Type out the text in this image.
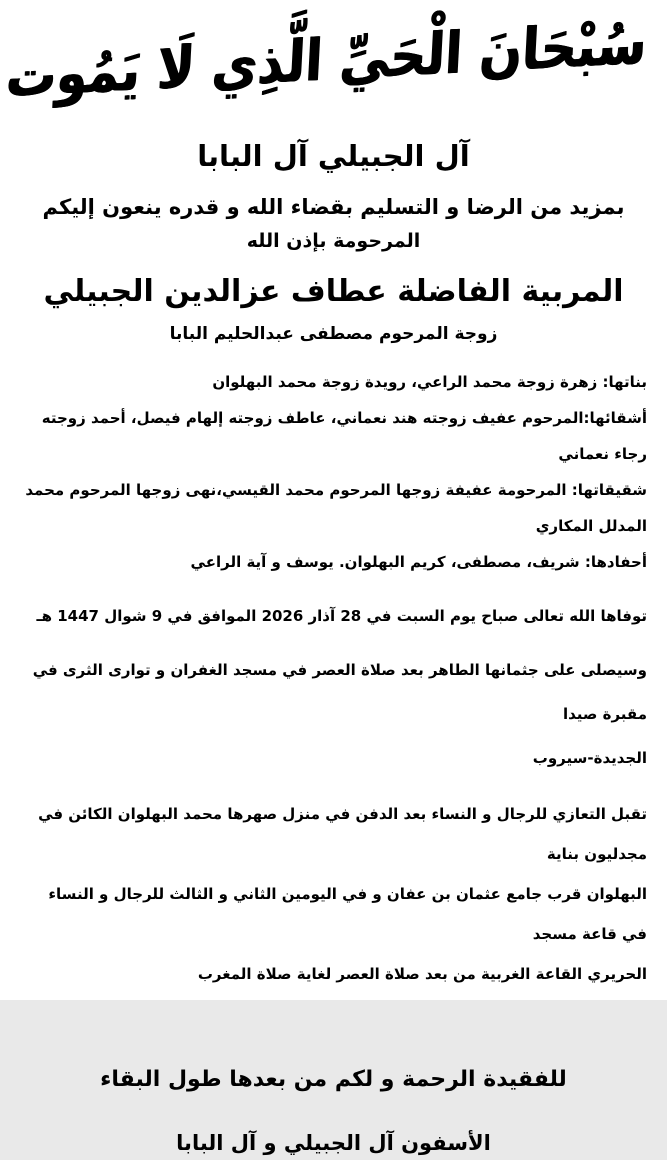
سُبْحَانَ الْحَيِّ الَّذِي لَا يَمُوت
آل الجبيلي آل البابا
بمزيد من الرضا و التسليم بقضاء الله و قدره ينعون إليكم
المرحومة بإذن الله
المربية الفاضلة عطاف عزالدين الجبيلي
زوجة المرحوم مصطفى عبدالحليم البابا
بناتها: زهرة زوجة محمد الراعي، رويدة زوجة محمد البهلوان
أشقائها:المرحوم عفيف زوجته هند نعماني، عاطف زوجته إلهام فيصل، أحمد زوجته رجاء نعماني
شقيقاتها: المرحومة عفيفة زوجها المرحوم محمد القيسي،نهى زوجها المرحوم محمد المدلل المكاري
أحفادها: شريف، مصطفى، كريم البهلوان. يوسف و آية الراعي
توفاها الله تعالى صباح يوم السبت في 28 آذار 2026 الموافق في 9 شوال 1447 هـ
وسيصلى على جثمانها الطاهر بعد صلاة العصر في مسجد الغفران و توارى الثرى في مقبرة صيدا
الجديدة-سيروب
تقبل التعازي للرجال و النساء بعد الدفن في منزل صهرها محمد البهلوان الكائن في مجدليون بناية
البهلوان قرب جامع عثمان بن عفان و في اليومين الثاني و الثالث للرجال و النساء في قاعة مسجد
الحريري القاعة الغربية من بعد صلاة العصر لغاية صلاة المغرب
للفقيدة الرحمة و لكم من بعدها طول البقاء
الأسفون آل الجبيلي و آل البابا
